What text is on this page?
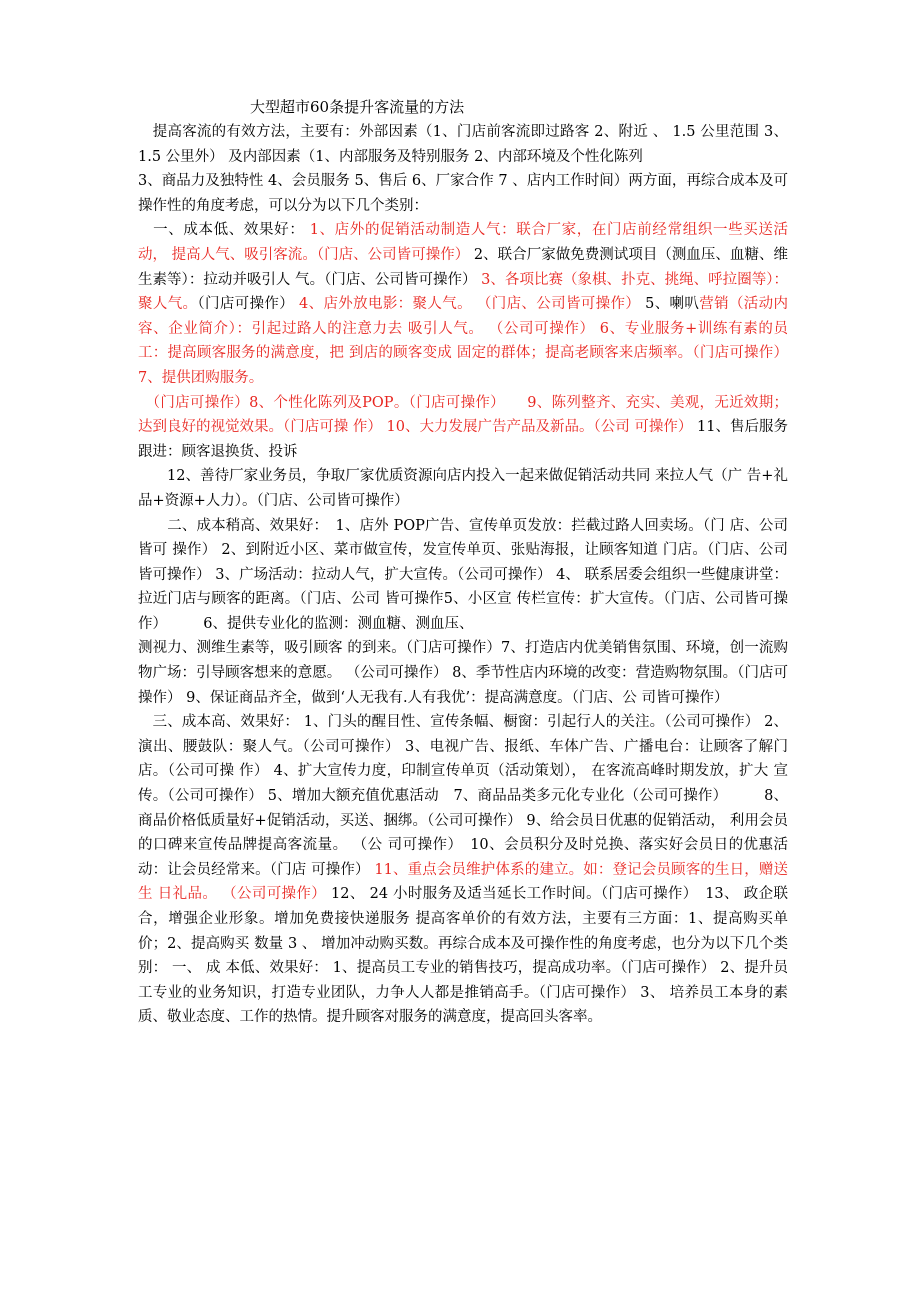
大型超市60条提升客流量的方法

　提高客流的有效方法，主要有：外部因素（1、门店前客流即过路客 2、附近 、 1.5 公里范围 3、1.5 公里外） 及内部因素（1、内部服务及特别服务 2、内部环境及个性化陈列

3、商品力及独特性 4、会员服务 5、售后 6、厂家合作 7 、店内工作时间）两方面，再综合成本及可操作性的角度考虑，可以分为以下几个类别：

　一、成本低、效果好： 1、店外的促销活动制造人气：联合厂家，在门店前经常组织一些买送活动， 提高人气、吸引客流。（门店、公司皆可操作） 2、联合厂家做免费测试项目（测血压、血糖、维生素等）：拉动并吸引人 气。（门店、公司皆可操作） 3、各项比赛（象棋、扑克、挑绳、呼拉圈等）：聚人气。（门店可操作） 4、店外放电影：聚人气。 （门店、公司皆可操作） 5、喇叭营销（活动内容、企业简介）：引起过路人的注意力去 吸引人气。 （公司可操作） 6、专业服务+训练有素的员工：提高顾客服务的满意度，把 到店的顾客变成 固定的群体；提高老顾客来店频率。（门店可操作） 7、提供团购服务。

　（门店可操作）8、个性化陈列及POP。（门店可操作）　　9、陈列整齐、充实、美观，无近效期；达到良好的视觉效果。（门店可操 作） 10、大力发展广告产品及新品。（公司 可操作） 11、售后服务跟进：顾客退换货、投诉

　　12、善待厂家业务员，争取厂家优质资源向店内投入一起来做促销活动共同 来拉人气（广 告+礼品+资源+人力）。（门店、公司皆可操作）

　　二、成本稍高、效果好：　1、店外 POP广告、宣传单页发放：拦截过路人回卖场。（门 店、公司皆可 操作） 2、到附近小区、菜市做宣传，发宣传单页、张贴海报，让顾客知道 门店。（门店、公司皆可操作） 3、广场活动：拉动人气，扩大宣传。（公司可操作） 4、 联系居委会组织一些健康讲堂：拉近门店与顾客的距离。（门店、公司 皆可操作5、小区宣 传栏宣传：扩大宣传。（门店、公司皆可操作）　　　6、提供专业化的监测：测血糖、测血压、

测视力、测维生素等，吸引顾客 的到来。（门店可操作）7、打造店内优美销售氛围、环境，创一流购物广场：引导顾客想来的意愿。 （公司可操作） 8、季节性店内环境的改变：营造购物氛围。（门店可操作） 9、保证商品齐全，做到‘人无我有.人有我优’：提高满意度。（门店、公 司皆可操作）

　三、成本高、效果好： 1、门头的醒目性、宣传条幅、橱窗：引起行人的关注。（公司可操作） 2、演出、腰鼓队：聚人气。（公司可操作） 3、电视广告、报纸、车体广告、广播电台：让顾客了解门店。（公司可操 作） 4、扩大宣传力度，印制宣传单页（活动策划）， 在客流高峰时期发放，扩大 宣传。（公司可操作） 5、增加大额充值优惠活动　7、商品品类多元化专业化（公司可操作）　　　8、商品价格低质量好+促销活动，买送、捆绑。（公司可操作） 9、给会员日优惠的促销活动， 利用会员的口碑来宣传品牌提高客流量。 （公 司可操作）　10、会员积分及时兑换、落实好会员日的优惠活动：让会员经常来。（门店 可操作） 11、重点会员维护体系的建立。如：登记会员顾客的生日，赠送生 日礼品。 （公司可操作） 12、 24 小时服务及适当延长工作时间。（门店可操作）　13、 政企联合，增强企业形象。增加免费接快递服务 提高客单价的有效方法，主要有三方面：1、提高购买单价；2、提高购买 数量 3 、 增加冲动购买数。再综合成本及可操作性的角度考虑，也分为以下几个类别： 一、 成 本低、效果好： 1、提高员工专业的销售技巧，提高成功率。（门店可操作） 2、提升员工专业的业务知识，打造专业团队，力争人人都是推销高手。（门店可操作） 3、 培养员工本身的素质、敬业态度、工作的热情。提升顾客对服务的满意度，提高回头客率。
